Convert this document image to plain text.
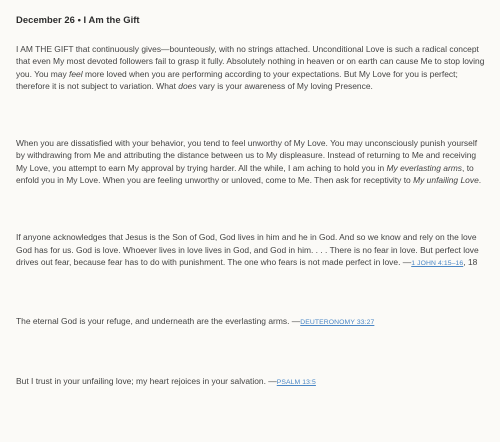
December 26 • I Am the Gift

I AM THE GIFT that continuously gives—bounteously, with no strings attached. Unconditional Love is such a radical concept that even My most devoted followers fail to grasp it fully. Absolutely nothing in heaven or on earth can cause Me to stop loving you. You may feel more loved when you are performing according to your expectations. But My Love for you is perfect; therefore it is not subject to variation. What does vary is your awareness of My loving Presence.

When you are dissatisfied with your behavior, you tend to feel unworthy of My Love. You may unconsciously punish yourself by withdrawing from Me and attributing the distance between us to My displeasure. Instead of returning to Me and receiving My Love, you attempt to earn My approval by trying harder. All the while, I am aching to hold you in My everlasting arms, to enfold you in My Love. When you are feeling unworthy or unloved, come to Me. Then ask for receptivity to My unfailing Love.

If anyone acknowledges that Jesus is the Son of God, God lives in him and he in God. And so we know and rely on the love God has for us. God is love. Whoever lives in love lives in God, and God in him. . . . There is no fear in love. But perfect love drives out fear, because fear has to do with punishment. The one who fears is not made perfect in love. —1 JOHN 4:15–16, 18

The eternal God is your refuge, and underneath are the everlasting arms. —DEUTERONOMY 33:27

But I trust in your unfailing love; my heart rejoices in your salvation. —PSALM 13:5
